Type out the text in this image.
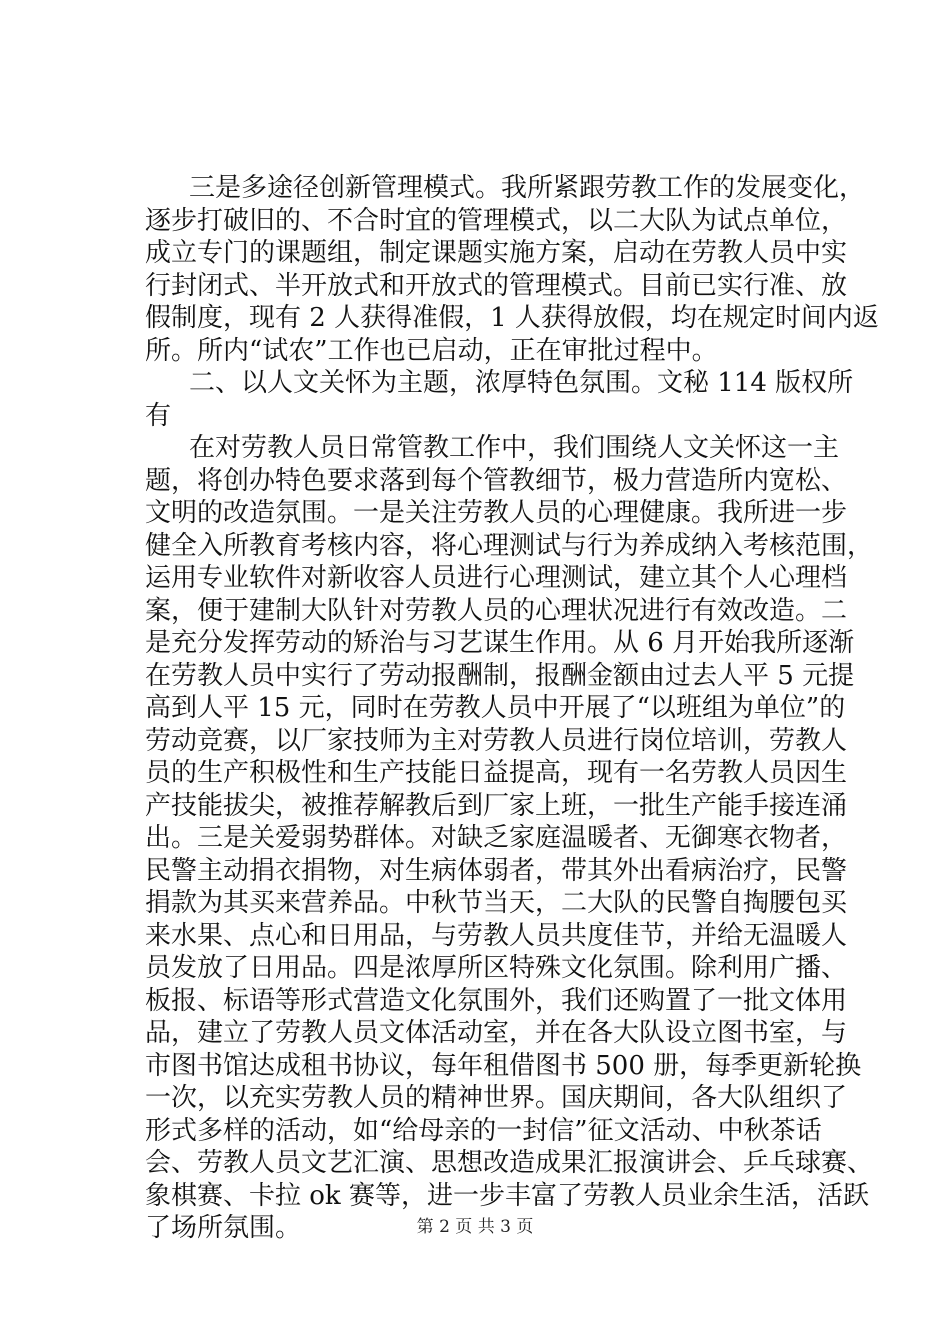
三是多途径创新管理模式。我所紧跟劳教工作的发展变化，
逐步打破旧的、不合时宜的管理模式，以二大队为试点单位，
成立专门的课题组，制定课题实施方案，启动在劳教人员中实
行封闭式、半开放式和开放式的管理模式。目前已实行准、放
假制度，现有 2 人获得准假，1 人获得放假，均在规定时间内返
所。所内“试农”工作也已启动，正在审批过程中。
二、以人文关怀为主题，浓厚特色氛围。文秘 114 版权所
有
在对劳教人员日常管教工作中，我们围绕人文关怀这一主
题，将创办特色要求落到每个管教细节，极力营造所内宽松、
文明的改造氛围。一是关注劳教人员的心理健康。我所进一步
健全入所教育考核内容，将心理测试与行为养成纳入考核范围，
运用专业软件对新收容人员进行心理测试，建立其个人心理档
案，便于建制大队针对劳教人员的心理状况进行有效改造。二
是充分发挥劳动的矫治与习艺谋生作用。从 6 月开始我所逐渐
在劳教人员中实行了劳动报酬制，报酬金额由过去人平 5 元提
高到人平 15 元，同时在劳教人员中开展了“以班组为单位”的
劳动竞赛，以厂家技师为主对劳教人员进行岗位培训，劳教人
员的生产积极性和生产技能日益提高，现有一名劳教人员因生
产技能拔尖，被推荐解教后到厂家上班，一批生产能手接连涌
出。三是关爱弱势群体。对缺乏家庭温暖者、无御寒衣物者，
民警主动捐衣捐物，对生病体弱者，带其外出看病治疗，民警
捐款为其买来营养品。中秋节当天，二大队的民警自掏腰包买
来水果、点心和日用品，与劳教人员共度佳节，并给无温暖人
员发放了日用品。四是浓厚所区特殊文化氛围。除利用广播、
板报、标语等形式营造文化氛围外，我们还购置了一批文体用
品，建立了劳教人员文体活动室，并在各大队设立图书室，与
市图书馆达成租书协议，每年租借图书 500 册，每季更新轮换
一次，以充实劳教人员的精神世界。国庆期间，各大队组织了
形式多样的活动，如“给母亲的一封信”征文活动、中秋茶话
会、劳教人员文艺汇演、思想改造成果汇报演讲会、乒乓球赛、
象棋赛、卡拉 ok 赛等，进一步丰富了劳教人员业余生活，活跃
了场所氛围。	第 2 页 共 3 页
